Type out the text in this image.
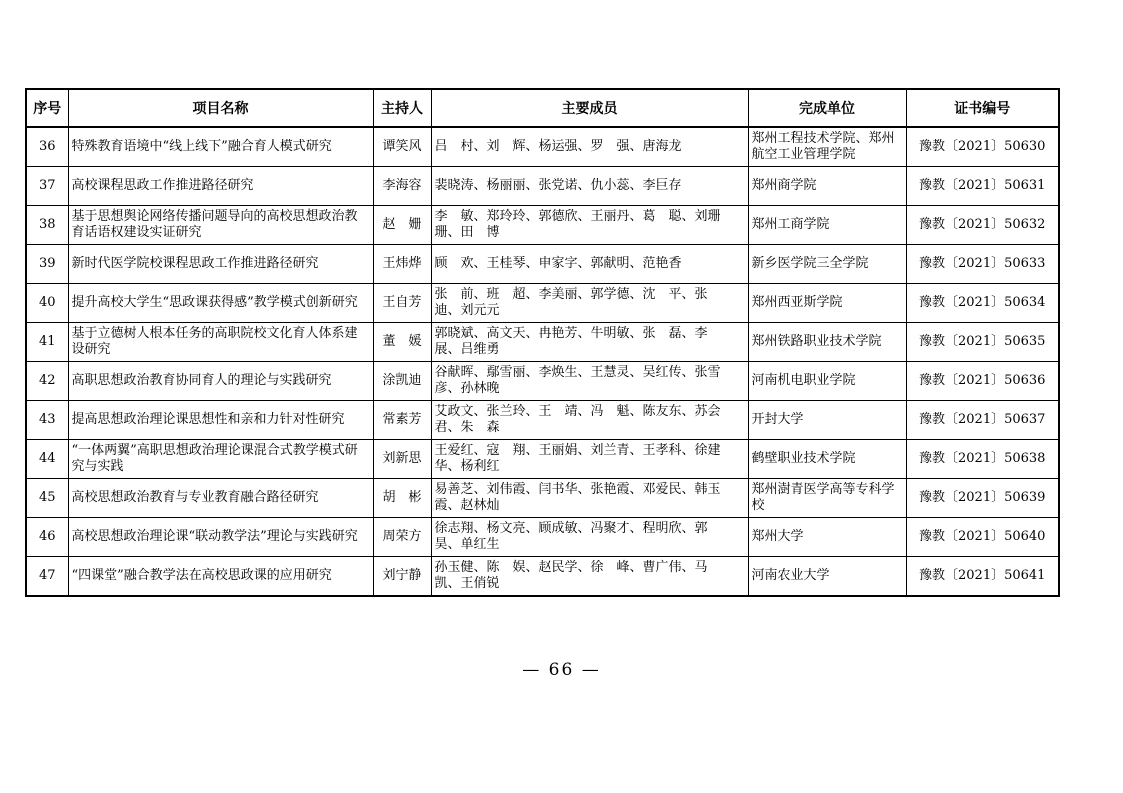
序号	项目名称	主持人	主要成员	完成单位	证书编号
36	特殊教育语境中“线上线下”融合育人模式研究	谭笑风	吕　村、刘　辉、杨运强、罗　强、唐海龙	郑州工程技术学院、郑州航空工业管理学院	豫教〔2021〕50630
37	高校课程思政工作推进路径研究	李海容	裴晓涛、杨丽丽、张党诺、仇小蕊、李巨存	郑州商学院	豫教〔2021〕50631
38	基于思想舆论网络传播问题导向的高校思想政治教育话语权建设实证研究	赵　姗	李　敏、郑玲玲、郭德欣、王丽丹、葛　聪、刘珊珊、田　博	郑州工商学院	豫教〔2021〕50632
39	新时代医学院校课程思政工作推进路径研究	王炜烨	顾　欢、王桂琴、申家字、郭献明、范艳香	新乡医学院三全学院	豫教〔2021〕50633
40	提升高校大学生“思政课获得感”教学模式创新研究	王自芳	张　前、班　超、李美丽、郭学德、沈　平、张　迪、刘元元	郑州西亚斯学院	豫教〔2021〕50634
41	基于立德树人根本任务的高职院校文化育人体系建设研究	董　媛	郭晓斌、高文天、冉艳芳、牛明敏、张　磊、李　展、吕维勇	郑州铁路职业技术学院	豫教〔2021〕50635
42	高职思想政治教育协同育人的理论与实践研究	涂凯迪	谷献晖、鄢雪丽、李焕生、王慧灵、吴红传、张雪彦、孙林晚	河南机电职业学院	豫教〔2021〕50636
43	提高思想政治理论课思想性和亲和力针对性研究	常素芳	艾政文、张兰玲、王　靖、冯　魁、陈友东、苏会君、朱　森	开封大学	豫教〔2021〕50637
44	“一体两翼”高职思想政治理论课混合式教学模式研究与实践	刘新思	王爱红、寇　翔、王丽娟、刘兰青、王孝科、徐建华、杨利红	鹤壁职业技术学院	豫教〔2021〕50638
45	高校思想政治教育与专业教育融合路径研究	胡　彬	易善芝、刘伟霞、闫书华、张艳霞、邓爱民、韩玉霞、赵林灿	郑州澍青医学高等专科学校	豫教〔2021〕50639
46	高校思想政治理论课“联动教学法”理论与实践研究	周荣方	徐志翔、杨文亮、顾成敏、冯聚才、程明欣、郭　昊、单红生	郑州大学	豫教〔2021〕50640
47	“四课堂”融合教学法在高校思政课的应用研究	刘宁静	孙玉健、陈　娱、赵民学、徐　峰、曹广伟、马　凯、王俏锐	河南农业大学	豫教〔2021〕50641
— 66 —
